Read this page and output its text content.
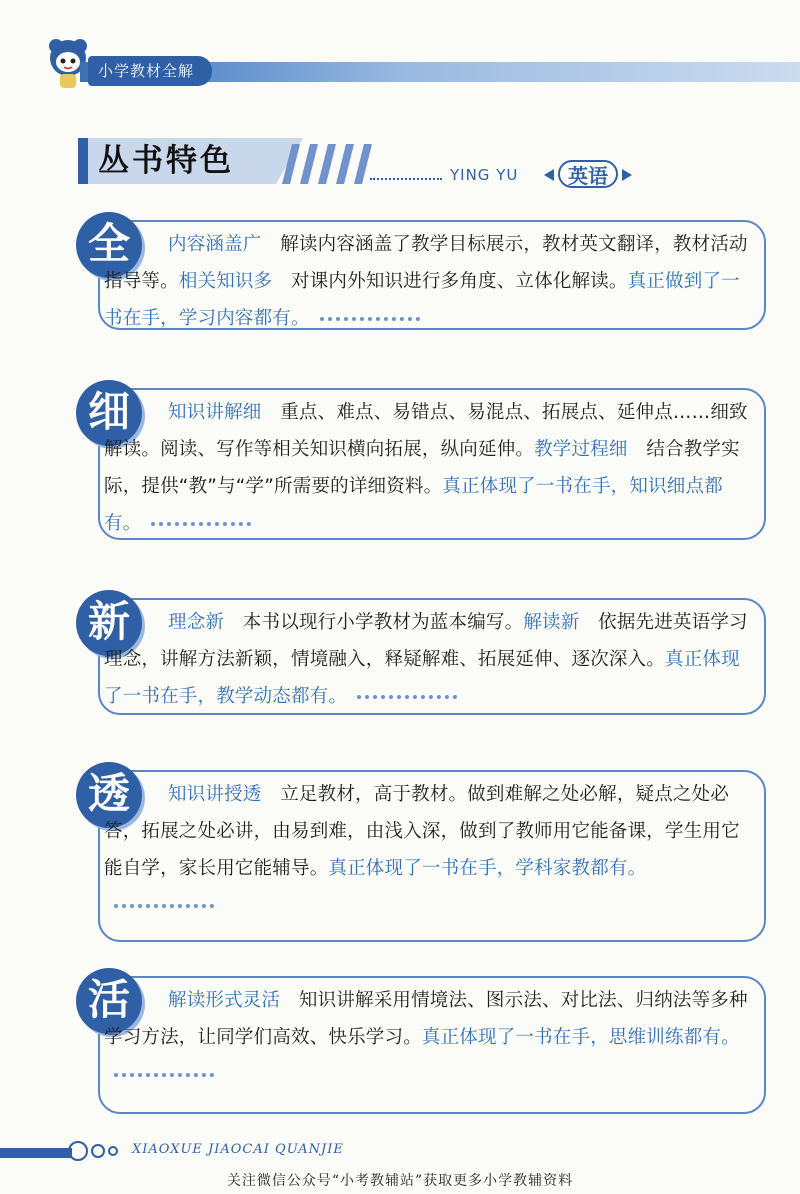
小学教材全解
丛书特色	YING YU	英语
全	内容涵盖广　解读内容涵盖了教学目标展示，教材英文翻译，教材活动指导等。相关知识多　对课内外知识进行多角度、立体化解读。真正做到了一书在手，学习内容都有。
细	知识讲解细　重点、难点、易错点、易混点、拓展点、延伸点……细致解读。阅读、写作等相关知识横向拓展，纵向延伸。教学过程细　结合教学实际，提供“教”与“学”所需要的详细资料。真正体现了一书在手，知识细点都有。
新	理念新　本书以现行小学教材为蓝本编写。解读新　依据先进英语学习理念，讲解方法新颖，情境融入，释疑解难、拓展延伸、逐次深入。真正体现了一书在手，教学动态都有。
透	知识讲授透　立足教材，高于教材。做到难解之处必解，疑点之处必答，拓展之处必讲，由易到难，由浅入深，做到了教师用它能备课，学生用它能自学，家长用它能辅导。真正体现了一书在手，学科家教都有。
活	解读形式灵活　知识讲解采用情境法、图示法、对比法、归纳法等多种学习方法，让同学们高效、快乐学习。真正体现了一书在手，思维训练都有。
XIAOXUE JIAOCAI QUANJIE
关注微信公众号“小考教辅站”获取更多小学教辅资料
